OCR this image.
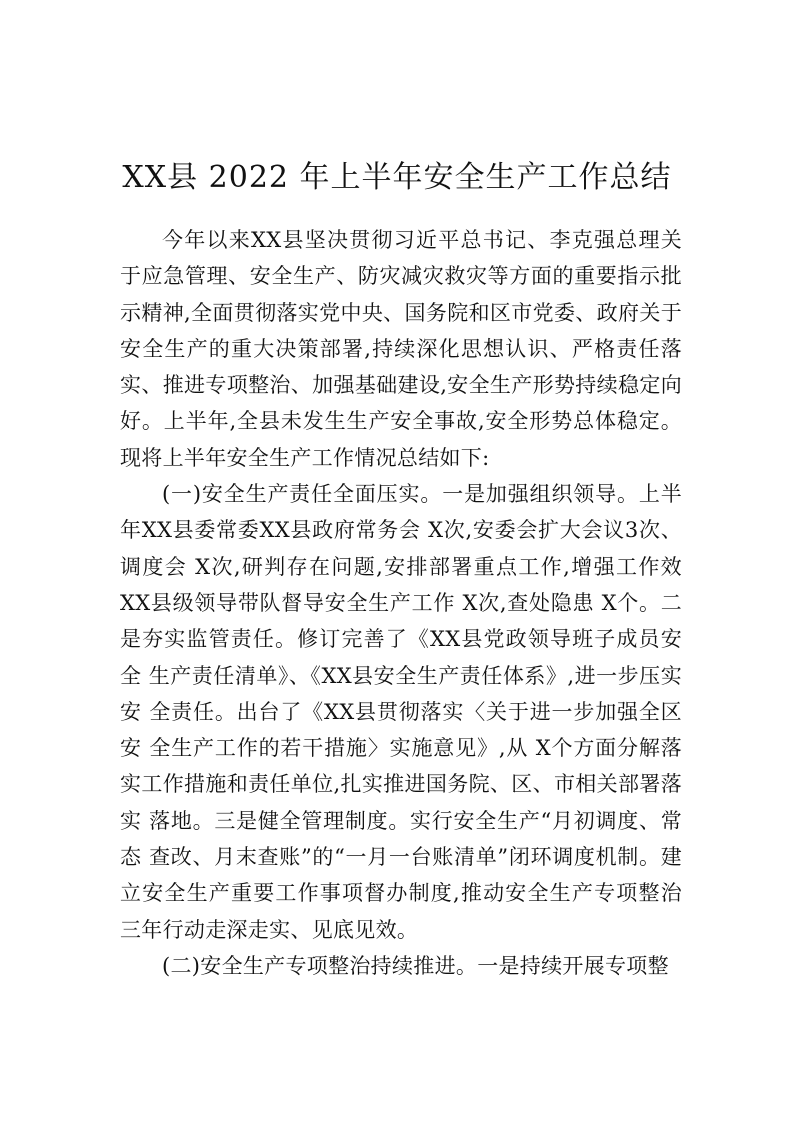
XX县 2022 年上半年安全生产工作总结

今年以来XX县坚决贯彻习近平总书记、李克强总理关于应急管理、安全生产、防灾减灾救灾等方面的重要指示批示精神,全面贯彻落实党中央、国务院和区市党委、政府关于安全生产的重大决策部署,持续深化思想认识、严格责任落实、推进专项整治、加强基础建设,安全生产形势持续稳定向好。上半年,全县未发生生产安全事故,安全形势总体稳定。现将上半年安全生产工作情况总结如下:

(一)安全生产责任全面压实。一是加强组织领导。上半年XX县委常委XX县政府常务会 X次,安委会扩大会议3次、调度会 X次,研判存在问题,安排部署重点工作,增强工作效XX县级领导带队督导安全生产工作 X次,查处隐患 X个。二是夯实监管责任。修订完善了《XX县党政领导班子成员安全 生产责任清单》、《XX县安全生产责任体系》,进一步压实安 全责任。出台了《XX县贯彻落实〈关于进一步加强全区安 全生产工作的若干措施〉实施意见》,从 X个方面分解落实工作措施和责任单位,扎实推进国务院、区、市相关部署落实 落地。三是健全管理制度。实行安全生产“月初调度、常态 查改、月末查账”的“一月一台账清单”闭环调度机制。建 立安全生产重要工作事项督办制度,推动安全生产专项整治 三年行动走深走实、见底见效。

(二)安全生产专项整治持续推进。一是持续开展专项整
